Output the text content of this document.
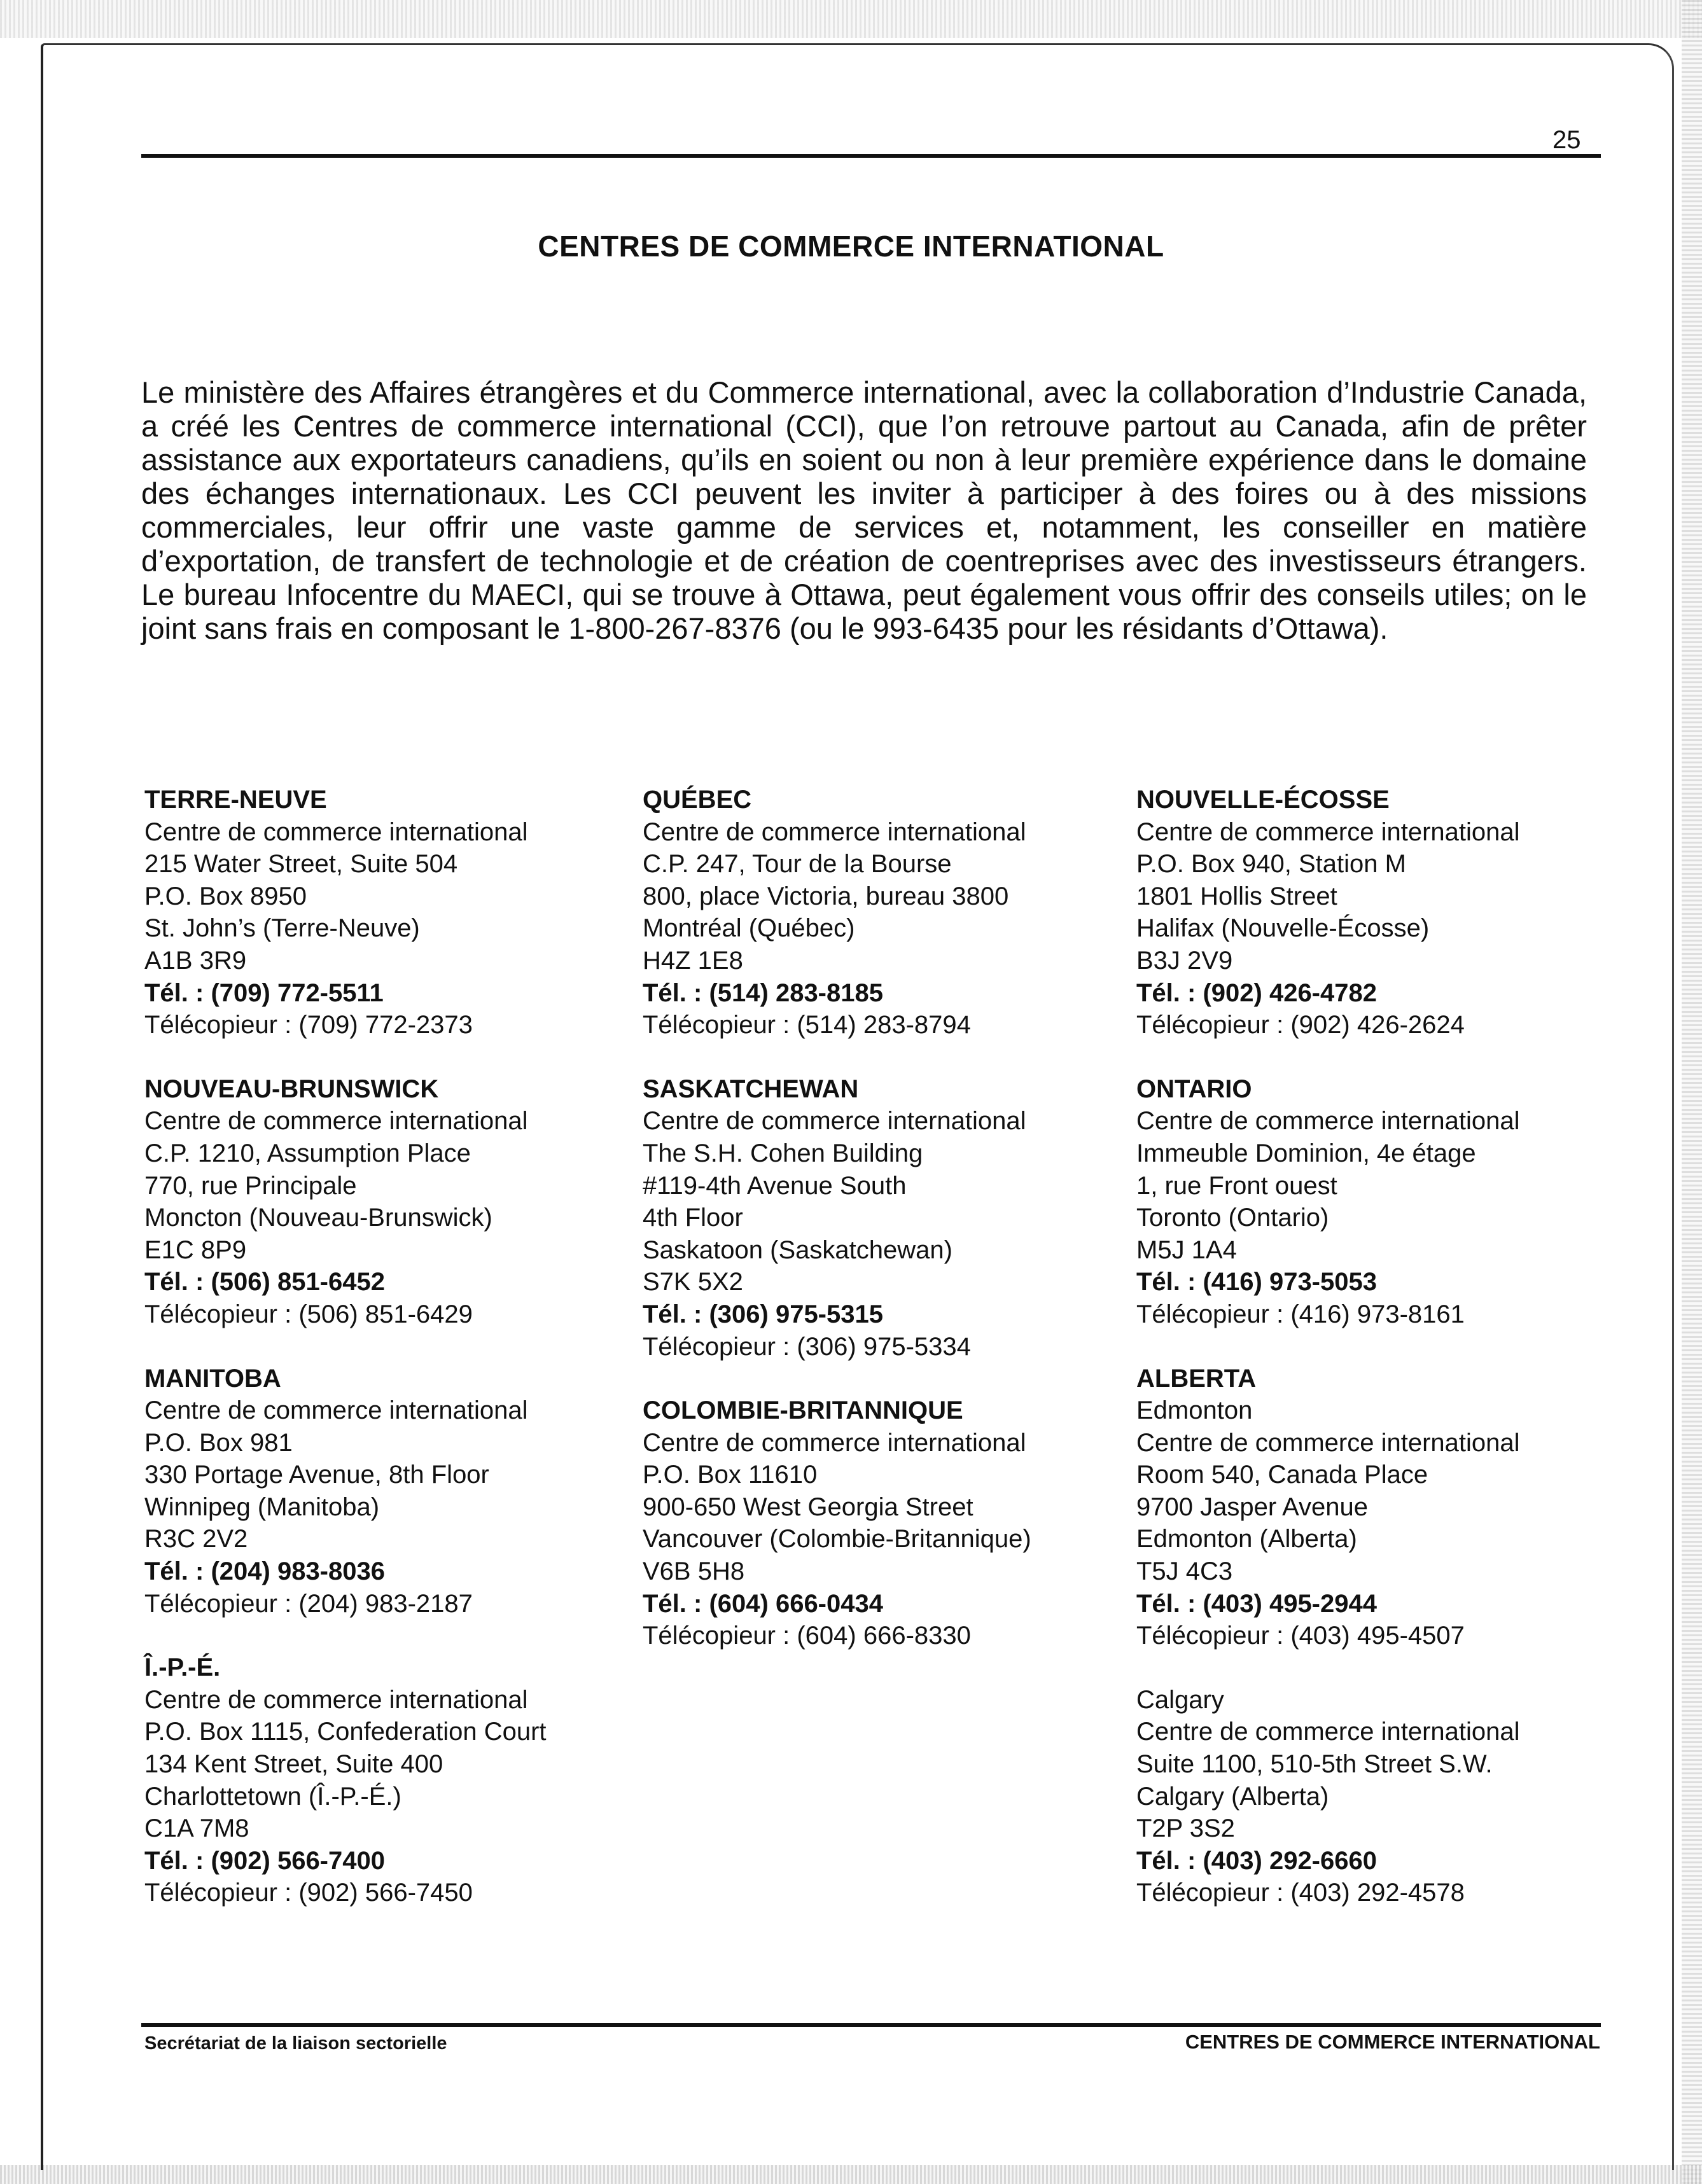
25
CENTRES DE COMMERCE INTERNATIONAL
Le ministère des Affaires étrangères et du Commerce international, avec la collaboration d’Industrie Canada, a créé les Centres de commerce international (CCI), que l’on retrouve partout au Canada, afin de prêter assistance aux exportateurs canadiens, qu’ils en soient ou non à leur première expérience dans le domaine des échanges internationaux. Les CCI peuvent les inviter à participer à des foires ou à des missions commerciales, leur offrir une vaste gamme de services et, notamment, les conseiller en matière d’exportation, de transfert de technologie et de création de coentreprises avec des investisseurs étrangers. Le bureau Infocentre du MAECI, qui se trouve à Ottawa, peut également vous offrir des conseils utiles; on le joint sans frais en composant le 1-800-267-8376 (ou le 993-6435 pour les résidants d’Ottawa).
TERRE-NEUVE
Centre de commerce international
215 Water Street, Suite 504
P.O. Box 8950
St. John’s (Terre-Neuve)
A1B 3R9
Tél. : (709) 772-5511
Télécopieur : (709) 772-2373
NOUVEAU-BRUNSWICK
Centre de commerce international
C.P. 1210, Assumption Place
770, rue Principale
Moncton (Nouveau-Brunswick)
E1C 8P9
Tél. : (506) 851-6452
Télécopieur : (506) 851-6429
MANITOBA
Centre de commerce international
P.O. Box 981
330 Portage Avenue, 8th Floor
Winnipeg (Manitoba)
R3C 2V2
Tél. : (204) 983-8036
Télécopieur : (204) 983-2187
Î.-P.-É.
Centre de commerce international
P.O. Box 1115, Confederation Court
134 Kent Street, Suite 400
Charlottetown (Î.-P.-É.)
C1A 7M8
Tél. : (902) 566-7400
Télécopieur : (902) 566-7450
QUÉBEC
Centre de commerce international
C.P. 247, Tour de la Bourse
800, place Victoria, bureau 3800
Montréal (Québec)
H4Z 1E8
Tél. : (514) 283-8185
Télécopieur : (514) 283-8794
SASKATCHEWAN
Centre de commerce international
The S.H. Cohen Building
#119-4th Avenue South
4th Floor
Saskatoon (Saskatchewan)
S7K 5X2
Tél. : (306) 975-5315
Télécopieur : (306) 975-5334
COLOMBIE-BRITANNIQUE
Centre de commerce international
P.O. Box 11610
900-650 West Georgia Street
Vancouver (Colombie-Britannique)
V6B 5H8
Tél. : (604) 666-0434
Télécopieur : (604) 666-8330
NOUVELLE-ÉCOSSE
Centre de commerce international
P.O. Box 940, Station M
1801 Hollis Street
Halifax (Nouvelle-Écosse)
B3J 2V9
Tél. : (902) 426-4782
Télécopieur : (902) 426-2624
ONTARIO
Centre de commerce international
Immeuble Dominion, 4e étage
1, rue Front ouest
Toronto (Ontario)
M5J 1A4
Tél. : (416) 973-5053
Télécopieur : (416) 973-8161
ALBERTA
Edmonton
Centre de commerce international
Room 540, Canada Place
9700 Jasper Avenue
Edmonton (Alberta)
T5J 4C3
Tél. : (403) 495-2944
Télécopieur : (403) 495-4507
Calgary
Centre de commerce international
Suite 1100, 510-5th Street S.W.
Calgary (Alberta)
T2P 3S2
Tél. : (403) 292-6660
Télécopieur : (403) 292-4578
Secrétariat de la liaison sectorielle	CENTRES DE COMMERCE INTERNATIONAL
